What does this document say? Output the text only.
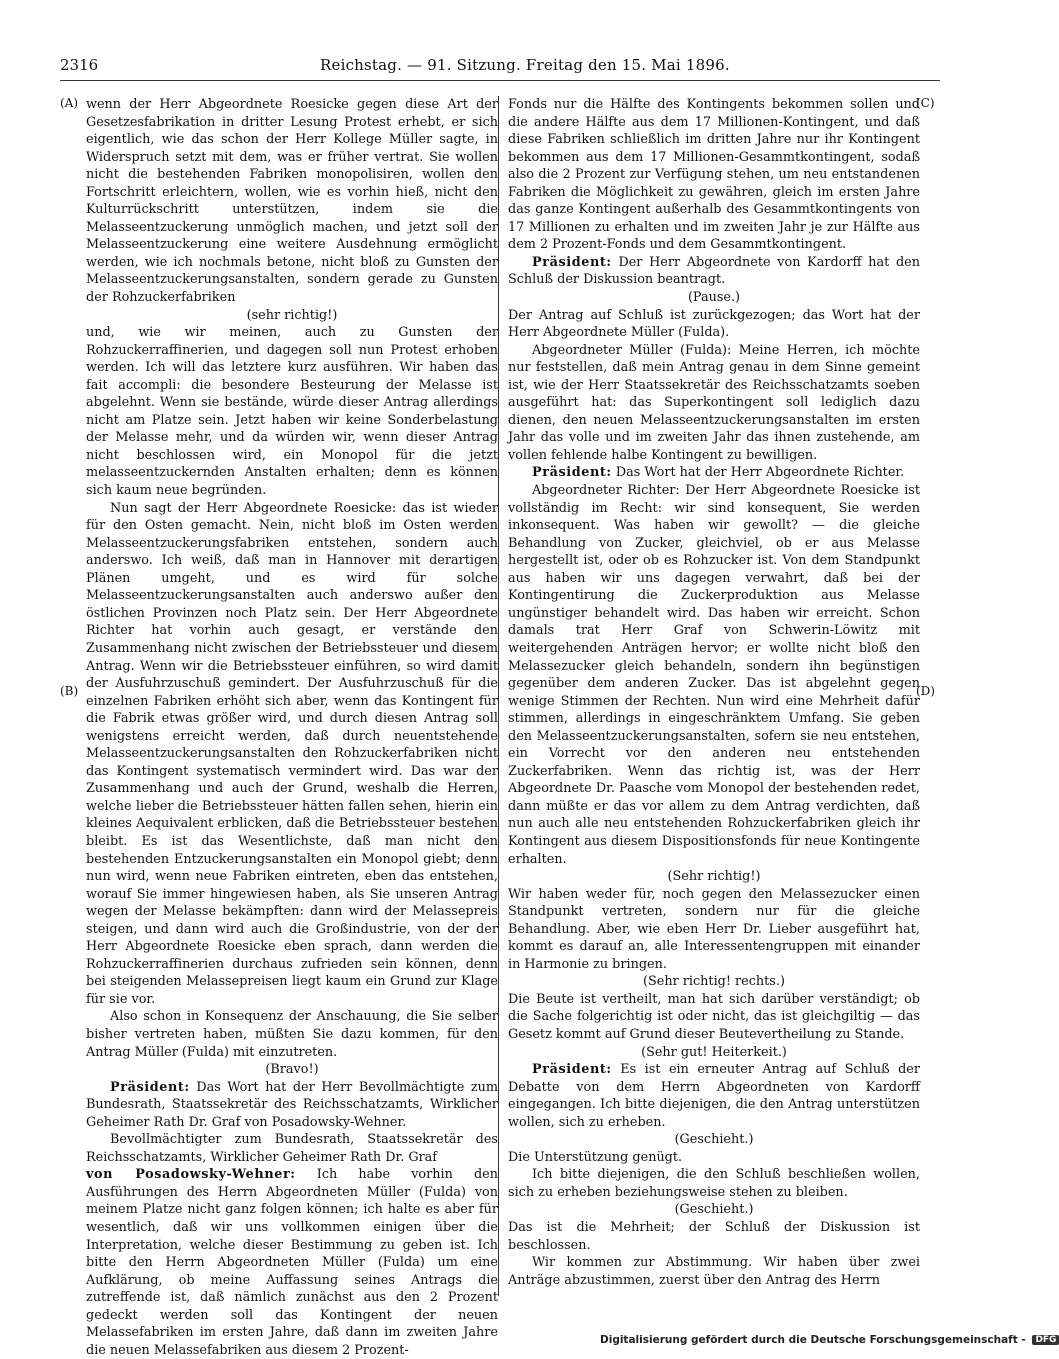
2316	Reichstag. — 91. Sitzung. Freitag den 15. Mai 1896.
(A)
(B)
(C)
(D)

wenn der Herr Abgeordnete Roesicke gegen diese Art der Gesetzesfabrikation in dritter Lesung Protest erhebt, er sich eigentlich, wie das schon der Herr Kollege Müller sagte, in Widerspruch setzt mit dem, was er früher vertrat. Sie wollen nicht die bestehenden Fabriken monopolisiren, wollen den Fortschritt erleichtern, wollen, wie es vorhin hieß, nicht den Kulturrückschritt unterstützen, indem sie die Melasseentzuckerung unmöglich machen, und jetzt soll der Melasseentzuckerung eine weitere Ausdehnung ermöglicht werden, wie ich nochmals betone, nicht bloß zu Gunsten der Melasseentzuckerungsanstalten, sondern gerade zu Gunsten der Rohzuckerfabriken

(sehr richtig!)

und, wie wir meinen, auch zu Gunsten der Rohzuckerraffinerien, und dagegen soll nun Protest erhoben werden. Ich will das letztere kurz ausführen. Wir haben das fait accompli: die besondere Besteurung der Melasse ist abgelehnt. Wenn sie bestände, würde dieser Antrag allerdings nicht am Platze sein. Jetzt haben wir keine Sonderbelastung der Melasse mehr, und da würden wir, wenn dieser Antrag nicht beschlossen wird, ein Monopol für die jetzt melasseentzuckernden Anstalten erhalten; denn es können sich kaum neue begründen.

Nun sagt der Herr Abgeordnete Roesicke: das ist wieder für den Osten gemacht. Nein, nicht bloß im Osten werden Melasseentzuckerungsfabriken entstehen, sondern auch anderswo. Ich weiß, daß man in Hannover mit derartigen Plänen umgeht, und es wird für solche Melasseentzuckerungsanstalten auch anderswo außer den östlichen Provinzen noch Platz sein. Der Herr Abgeordnete Richter hat vorhin auch gesagt, er verstände den Zusammenhang nicht zwischen der Betriebssteuer und diesem Antrag. Wenn wir die Betriebssteuer einführen, so wird damit der Ausfuhrzuschuß gemindert. Der Ausfuhrzuschuß für die einzelnen Fabriken erhöht sich aber, wenn das Kontingent für die Fabrik etwas größer wird, und durch diesen Antrag soll wenigstens erreicht werden, daß durch neuentstehende Melasseentzuckerungsanstalten den Rohzuckerfabriken nicht das Kontingent systematisch vermindert wird. Das war der Zusammenhang und auch der Grund, weshalb die Herren, welche lieber die Betriebssteuer hätten fallen sehen, hierin ein kleines Aequivalent erblicken, daß die Betriebssteuer bestehen bleibt. Es ist das Wesentlichste, daß man nicht den bestehenden Entzuckerungsanstalten ein Monopol giebt; denn nun wird, wenn neue Fabriken eintreten, eben das entstehen, worauf Sie immer hingewiesen haben, als Sie unseren Antrag wegen der Melasse bekämpften: dann wird der Melassepreis steigen, und dann wird auch die Großindustrie, von der der Herr Abgeordnete Roesicke eben sprach, dann werden die Rohzuckerraffinerien durchaus zufrieden sein können, denn bei steigenden Melassepreisen liegt kaum ein Grund zur Klage für sie vor.

Also schon in Konsequenz der Anschauung, die Sie selber bisher vertreten haben, müßten Sie dazu kommen, für den Antrag Müller (Fulda) mit einzutreten.

(Bravo!)

Präsident: Das Wort hat der Herr Bevollmächtigte zum Bundesrath, Staatssekretär des Reichsschatzamts, Wirklicher Geheimer Rath Dr. Graf von Posadowsky-Wehner.

Bevollmächtigter zum Bundesrath, Staatssekretär des Reichsschatzamts, Wirklicher Geheimer Rath Dr. Graf

von Posadowsky-Wehner: Ich habe vorhin den Ausführungen des Herrn Abgeordneten Müller (Fulda) von meinem Platze nicht ganz folgen können; ich halte es aber für wesentlich, daß wir uns vollkommen einigen über die Interpretation, welche dieser Bestimmung zu geben ist. Ich bitte den Herrn Abgeordneten Müller (Fulda) um eine Aufklärung, ob meine Auffassung seines Antrags die zutreffende ist, daß nämlich zunächst aus den 2 Prozent gedeckt werden soll das Kontingent der neuen Melassefabriken im ersten Jahre, daß dann im zweiten Jahre die neuen Melassefabriken aus diesem 2 Prozent-

Fonds nur die Hälfte des Kontingents bekommen sollen und die andere Hälfte aus dem 17 Millionen-Kontingent, und daß diese Fabriken schließlich im dritten Jahre nur ihr Kontingent bekommen aus dem 17 Millionen-Gesammtkontingent, sodaß also die 2 Prozent zur Verfügung stehen, um neu entstandenen Fabriken die Möglichkeit zu gewähren, gleich im ersten Jahre das ganze Kontingent außerhalb des Gesammtkontingents von 17 Millionen zu erhalten und im zweiten Jahr je zur Hälfte aus dem 2 Prozent-Fonds und dem Gesammtkontingent.

Präsident: Der Herr Abgeordnete von Kardorff hat den Schluß der Diskussion beantragt.

(Pause.)

Der Antrag auf Schluß ist zurückgezogen; das Wort hat der Herr Abgeordnete Müller (Fulda).

Abgeordneter Müller (Fulda): Meine Herren, ich möchte nur feststellen, daß mein Antrag genau in dem Sinne gemeint ist, wie der Herr Staatssekretär des Reichsschatzamts soeben ausgeführt hat: das Superkontingent soll lediglich dazu dienen, den neuen Melasseentzuckerungsanstalten im ersten Jahr das volle und im zweiten Jahr das ihnen zustehende, am vollen fehlende halbe Kontingent zu bewilligen.

Präsident: Das Wort hat der Herr Abgeordnete Richter.

Abgeordneter Richter: Der Herr Abgeordnete Roesicke ist vollständig im Recht: wir sind konsequent, Sie werden inkonsequent. Was haben wir gewollt? — die gleiche Behandlung von Zucker, gleichviel, ob er aus Melasse hergestellt ist, oder ob es Rohzucker ist. Von dem Standpunkt aus haben wir uns dagegen verwahrt, daß bei der Kontingentirung die Zuckerproduktion aus Melasse ungünstiger behandelt wird. Das haben wir erreicht. Schon damals trat Herr Graf von Schwerin-Löwitz mit weitergehenden Anträgen hervor; er wollte nicht bloß den Melassezucker gleich behandeln, sondern ihn begünstigen gegenüber dem anderen Zucker. Das ist abgelehnt gegen wenige Stimmen der Rechten. Nun wird eine Mehrheit dafür stimmen, allerdings in eingeschränktem Umfang. Sie geben den Melasseentzuckerungsanstalten, sofern sie neu entstehen, ein Vorrecht vor den anderen neu entstehenden Zuckerfabriken. Wenn das richtig ist, was der Herr Abgeordnete Dr. Paasche vom Monopol der bestehenden redet, dann müßte er das vor allem zu dem Antrag verdichten, daß nun auch alle neu entstehenden Rohzuckerfabriken gleich ihr Kontingent aus diesem Dispositionsfonds für neue Kontingente erhalten.

(Sehr richtig!)

Wir haben weder für, noch gegen den Melassezucker einen Standpunkt vertreten, sondern nur für die gleiche Behandlung. Aber, wie eben Herr Dr. Lieber ausgeführt hat, kommt es darauf an, alle Interessentengruppen mit einander in Harmonie zu bringen.

(Sehr richtig! rechts.)

Die Beute ist vertheilt, man hat sich darüber verständigt; ob die Sache folgerichtig ist oder nicht, das ist gleichgiltig — das Gesetz kommt auf Grund dieser Beutevertheilung zu Stande.

(Sehr gut! Heiterkeit.)

Präsident: Es ist ein erneuter Antrag auf Schluß der Debatte von dem Herrn Abgeordneten von Kardorff eingegangen. Ich bitte diejenigen, die den Antrag unterstützen wollen, sich zu erheben.

(Geschieht.)

Die Unterstützung genügt.

Ich bitte diejenigen, die den Schluß beschließen wollen, sich zu erheben beziehungsweise stehen zu bleiben.

(Geschieht.)

Das ist die Mehrheit; der Schluß der Diskussion ist beschlossen.

Wir kommen zur Abstimmung. Wir haben über zwei Anträge abzustimmen, zuerst über den Antrag des Herrn

Digitalisierung gefördert durch die Deutsche Forschungsgemeinschaft - DFG
